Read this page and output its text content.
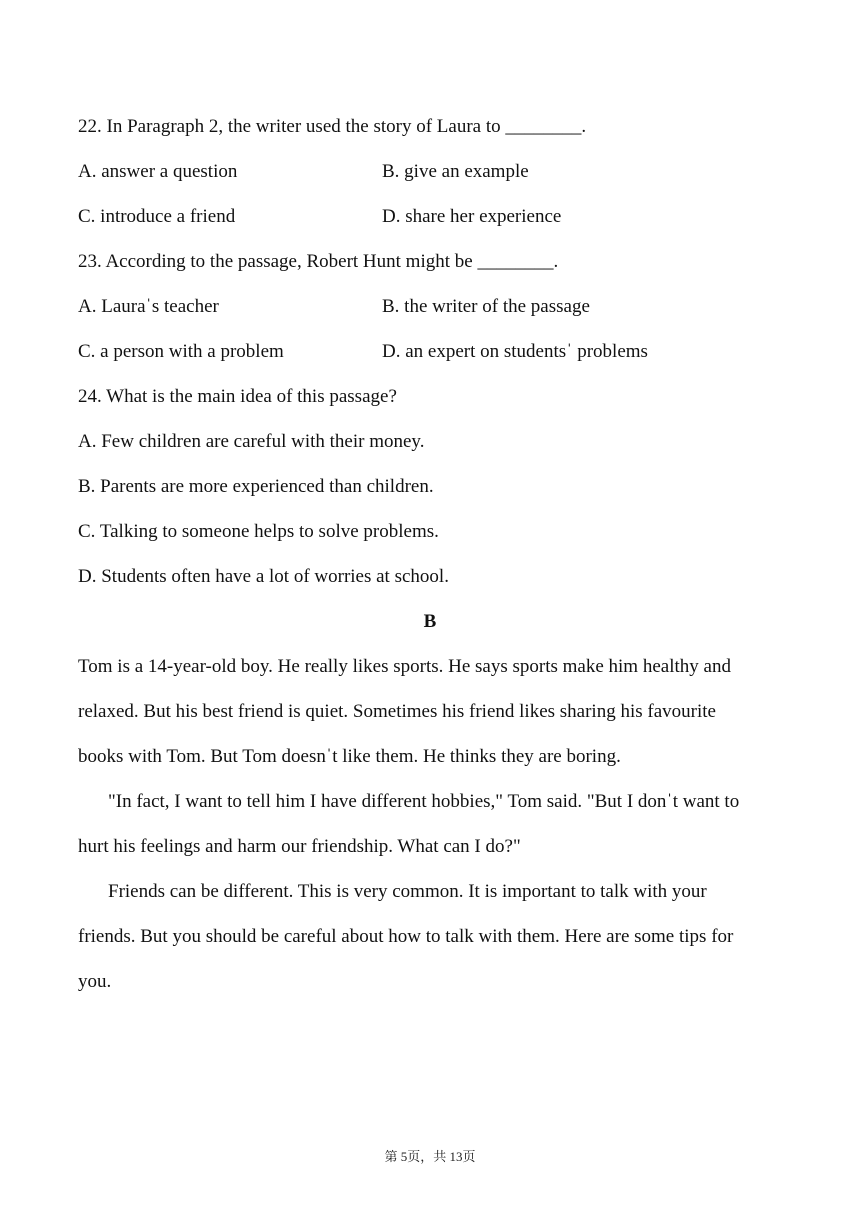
22. In Paragraph 2, the writer used the story of Laura to ________.
A. answer a question	B. give an example
C. introduce a friend	D. share her experience
23. According to the passage, Robert Hunt might be ________.
A. Lauraˈs teacher	B. the writer of the passage
C. a person with a problem	D. an expert on studentsˈ problems
24. What is the main idea of this passage?
A. Few children are careful with their money.
B. Parents are more experienced than children.
C. Talking to someone helps to solve problems.
D. Students often have a lot of worries at school.
B
Tom is a 14-year-old boy. He really likes sports. He says sports make him healthy and
relaxed. But his best friend is quiet. Sometimes his friend likes sharing his favourite
books with Tom. But Tom doesnˈt like them. He thinks they are boring.
"In fact, I want to tell him I have different hobbies," Tom said. "But I donˈt want to
hurt his feelings and harm our friendship. What can I do?"
Friends can be different. This is very common. It is important to talk with your
friends. But you should be careful about how to talk with them. Here are some tips for
you.
第 5页，共 13页
